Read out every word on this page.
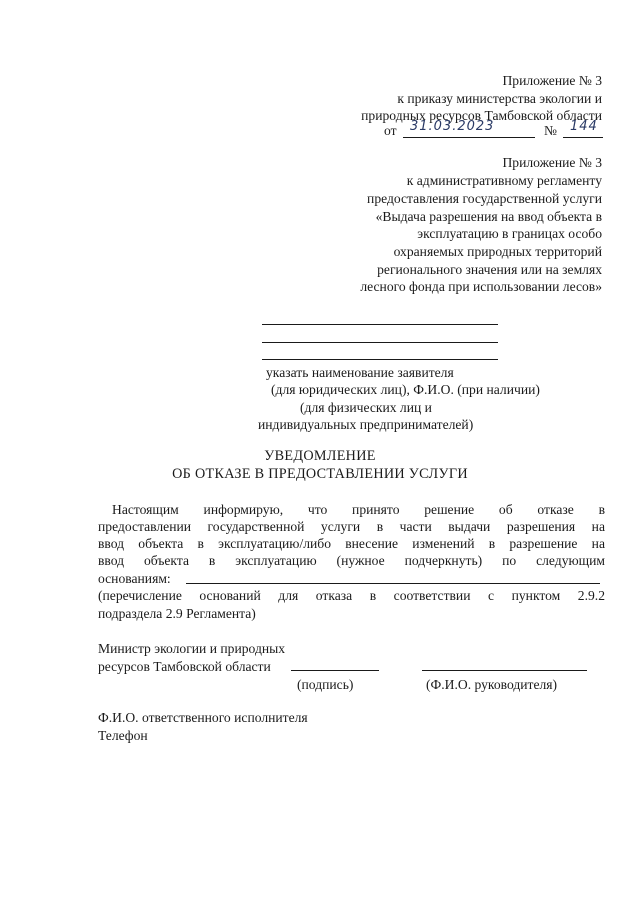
Приложение № 3
к приказу министерства экологии и
природных ресурсов Тамбовской области
от 31.03.2023	№ 144
Приложение № 3
к административному регламенту
предоставления государственной услуги
«Выдача разрешения на ввод объекта в
эксплуатацию в границах особо
охраняемых природных территорий
регионального значения или на землях
лесного фонда при использовании лесов»
указать наименование заявителя
(для юридических лиц), Ф.И.О. (при наличии)
(для физических лиц и
индивидуальных предпринимателей)
УВЕДОМЛЕНИЕ
ОБ ОТКАЗЕ В ПРЕДОСТАВЛЕНИИ УСЛУГИ
Настоящим информирую, что принято решение об отказе в
предоставлении государственной услуги в части выдачи разрешения на
ввод объекта в эксплуатацию/либо внесение изменений в разрешение на
ввод объекта в эксплуатацию (нужное подчеркнуть) по следующим
основаниям:
(перечисление оснований для отказа в соответствии с пунктом 2.9.2
подраздела 2.9 Регламента)
Министр экологии и природных
ресурсов Тамбовской области
(подпись)	(Ф.И.О. руководителя)
Ф.И.О. ответственного исполнителя
Телефон
